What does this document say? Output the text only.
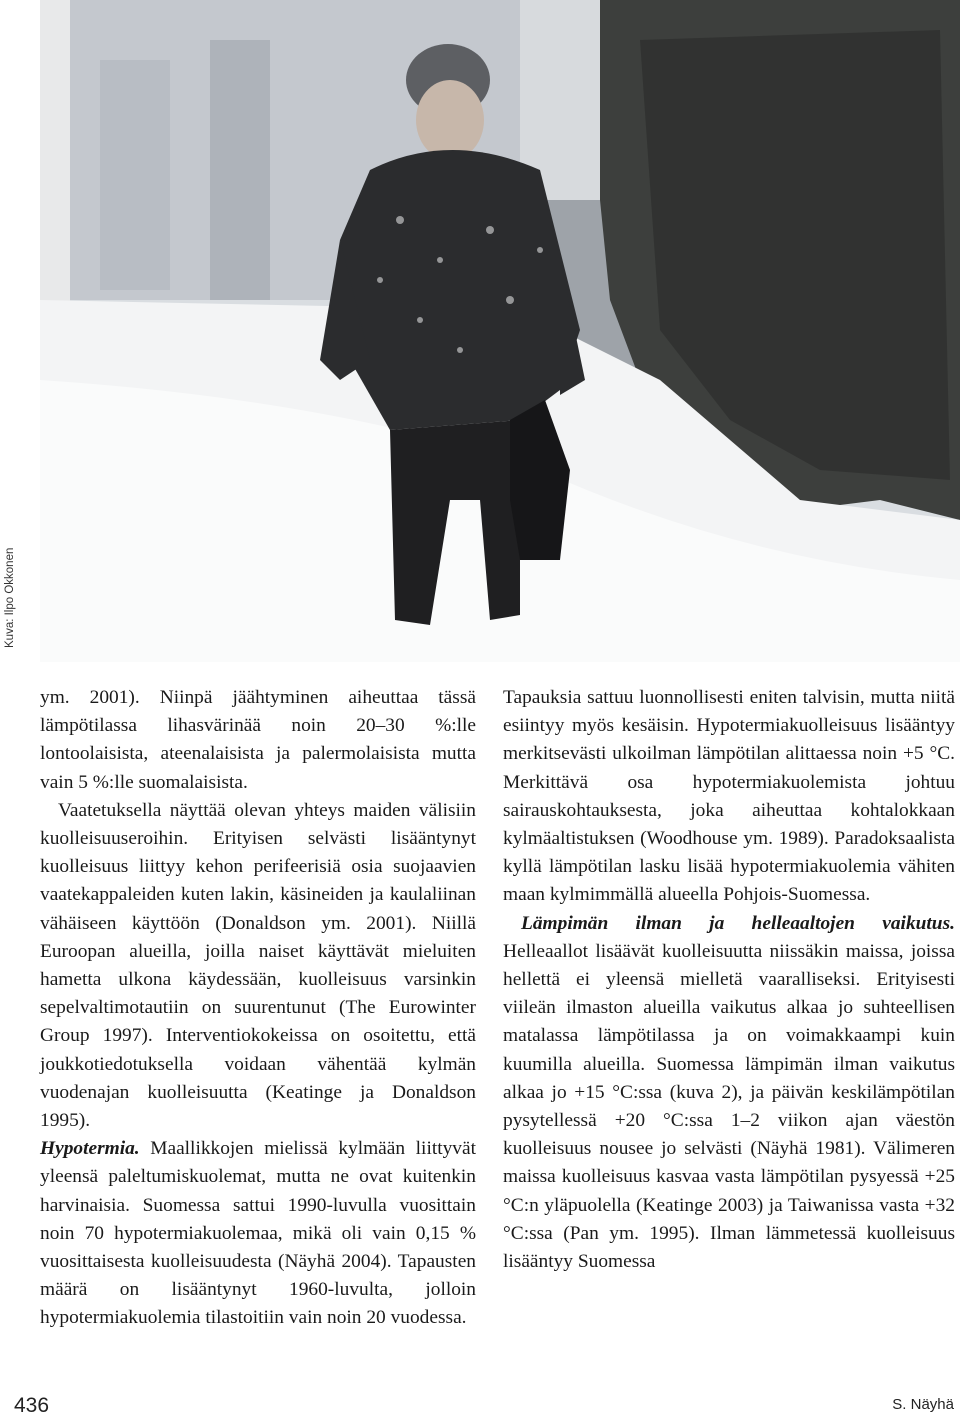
Kuva: Ilpo Okkonen

ym. 2001). Niinpä jäähtyminen aiheuttaa tässä lämpötilassa lihasvärinää noin 20–30 %:lle lontoolaisista, ateenalaisista ja palermolaisista mutta vain 5 %:lle suomalaisista.

Vaatetuksella näyttää olevan yhteys maiden välisiin kuolleisuuseroihin. Erityisen selvästi lisääntynyt kuolleisuus liittyy kehon perifeerisiä osia suojaavien vaatekappaleiden kuten lakin, käsineiden ja kaulaliinan vähäiseen käyttöön (Donaldson ym. 2001). Niillä Euroopan alueilla, joilla naiset käyttävät mieluiten hametta ulkona käydessään, kuolleisuus varsinkin sepelvaltimotautiin on suurentunut (The Eurowinter Group 1997). Interventiokokeissa on osoitettu, että joukkotiedotuksella voidaan vähentää kylmän vuodenajan kuolleisuutta (Keatinge ja Donaldson 1995).

Hypotermia. Maallikkojen mielissä kylmään liittyvät yleensä paleltumiskuolemat, mutta ne ovat kuitenkin harvinaisia. Suomessa sattui 1990-luvulla vuosittain noin 70 hypotermiakuolemaa, mikä oli vain 0,15 % vuosittaisesta kuolleisuudesta (Näyhä 2004). Tapausten määrä on lisääntynyt 1960-luvulta, jolloin hypotermiakuolemia tilastoitiin vain noin 20 vuodessa.

Tapauksia sattuu luonnollisesti eniten talvisin, mutta niitä esiintyy myös kesäisin. Hypotermiakuolleisuus lisääntyy merkitsevästi ulkoilman lämpötilan alittaessa noin +5 °C. Merkittävä osa hypotermiakuolemista johtuu sairauskohtauksesta, joka aiheuttaa kohtalokkaan kylmäaltistuksen (Woodhouse ym. 1989). Paradoksaalista kyllä lämpötilan lasku lisää hypotermiakuolemia vähiten maan kylmimmällä alueella Pohjois-Suomessa.

Lämpimän ilman ja helleaaltojen vaikutus. Helleaallot lisäävät kuolleisuutta niissäkin maissa, joissa hellettä ei yleensä mielletä vaaralliseksi. Erityisesti viileän ilmaston alueilla vaikutus alkaa jo suhteellisen matalassa lämpötilassa ja on voimakkaampi kuin kuumilla alueilla. Suomessa lämpimän ilman vaikutus alkaa jo +15 °C:ssa (kuva 2), ja päivän keskilämpötilan pysytellessä +20 °C:ssa 1–2 viikon ajan väestön kuolleisuus nousee jo selvästi (Näyhä 1981). Välimeren maissa kuolleisuus kasvaa vasta lämpötilan pysyessä +25 °C:n yläpuolella (Keatinge 2003) ja Taiwanissa vasta +32 °C:ssa (Pan ym. 1995). Ilman lämmetessä kuolleisuus lisääntyy Suomessa

436	S. Näyhä
